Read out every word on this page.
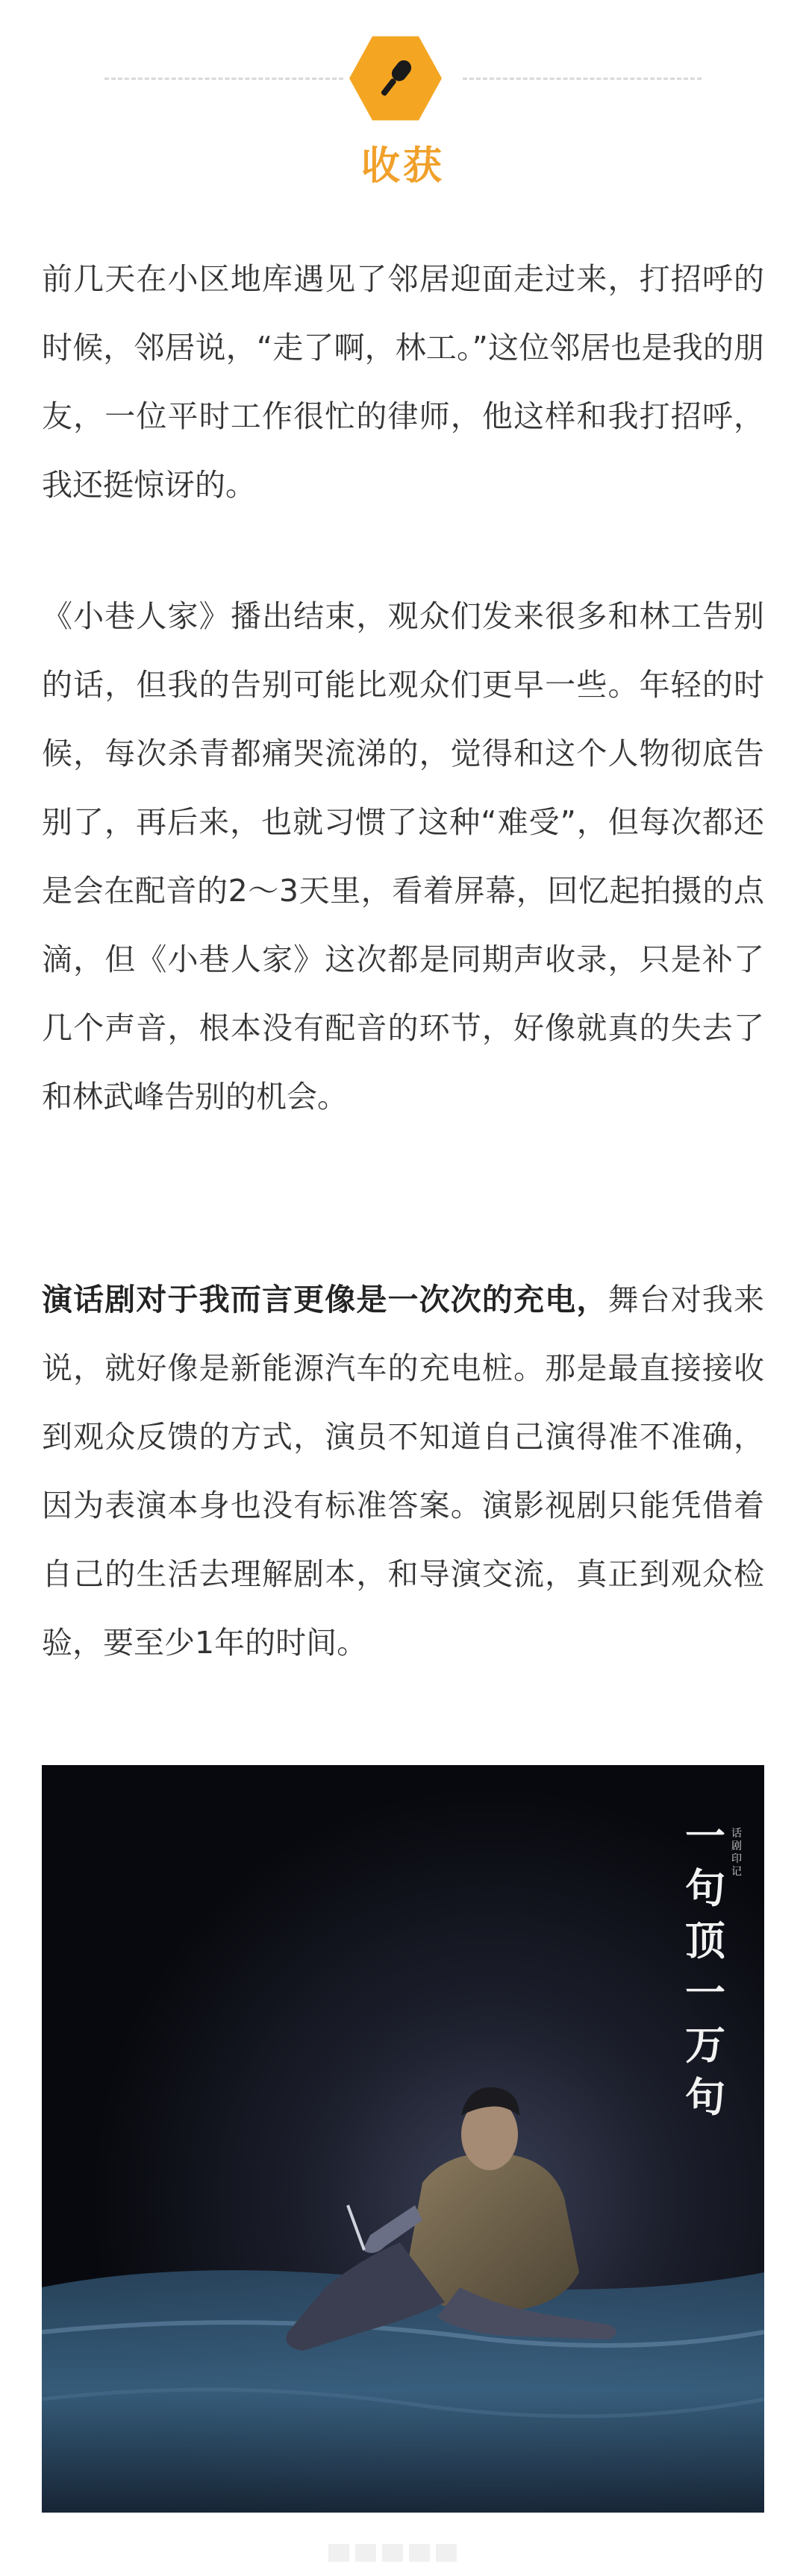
收获

前几天在小区地库遇见了邻居迎面走过来，打招呼的时候，邻居说，“走了啊，林工。”这位邻居也是我的朋友，一位平时工作很忙的律师，他这样和我打招呼，我还挺惊讶的。

《小巷人家》播出结束，观众们发来很多和林工告别的话，但我的告别可能比观众们更早一些。年轻的时候，每次杀青都痛哭流涕的，觉得和这个人物彻底告别了，再后来，也就习惯了这种“难受”，但每次都还是会在配音的2～3天里，看着屏幕，回忆起拍摄的点滴，但《小巷人家》这次都是同期声收录，只是补了几个声音，根本没有配音的环节，好像就真的失去了和林武峰告别的机会。

演话剧对于我而言更像是一次次的充电，舞台对我来说，就好像是新能源汽车的充电桩。那是最直接接收到观众反馈的方式，演员不知道自己演得准不准确，因为表演本身也没有标准答案。演影视剧只能凭借着自己的生活去理解剧本，和导演交流，真正到观众检验，要至少1年的时间。

一句顶一万句
话剧印记
